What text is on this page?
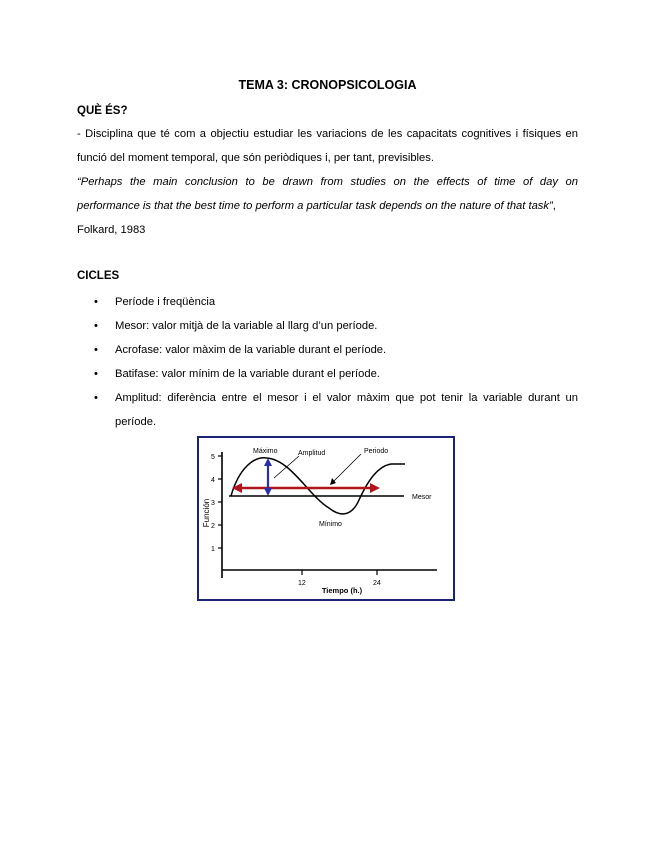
TEMA 3: CRONOPSICOLOGIA
QUÈ ÉS?
- Disciplina que té com a objectiu estudiar les variacions de les capacitats cognitives i físiques en
funció del moment temporal, que són periòdiques i, per tant, previsibles.
“Perhaps the main conclusion to be drawn from studies on the effects of time of day on
performance is that the best time to perform a particular task depends on the nature of that task”,
Folkard, 1983
CICLES
• Període i freqüència
• Mesor: valor mitjà de la variable al llarg d’un període.
• Acrofase: valor màxim de la variable durant el període.
• Batifase: valor mínim de la variable durant el període.
• Amplitud: diferència entre el mesor i el valor màxim que pot tenir la variable durant un període.
5
4
3
2
1
12	24
Función
Tiempo (h.)
Máximo	Amplitud	Periodo
Mesor
Mínimo
